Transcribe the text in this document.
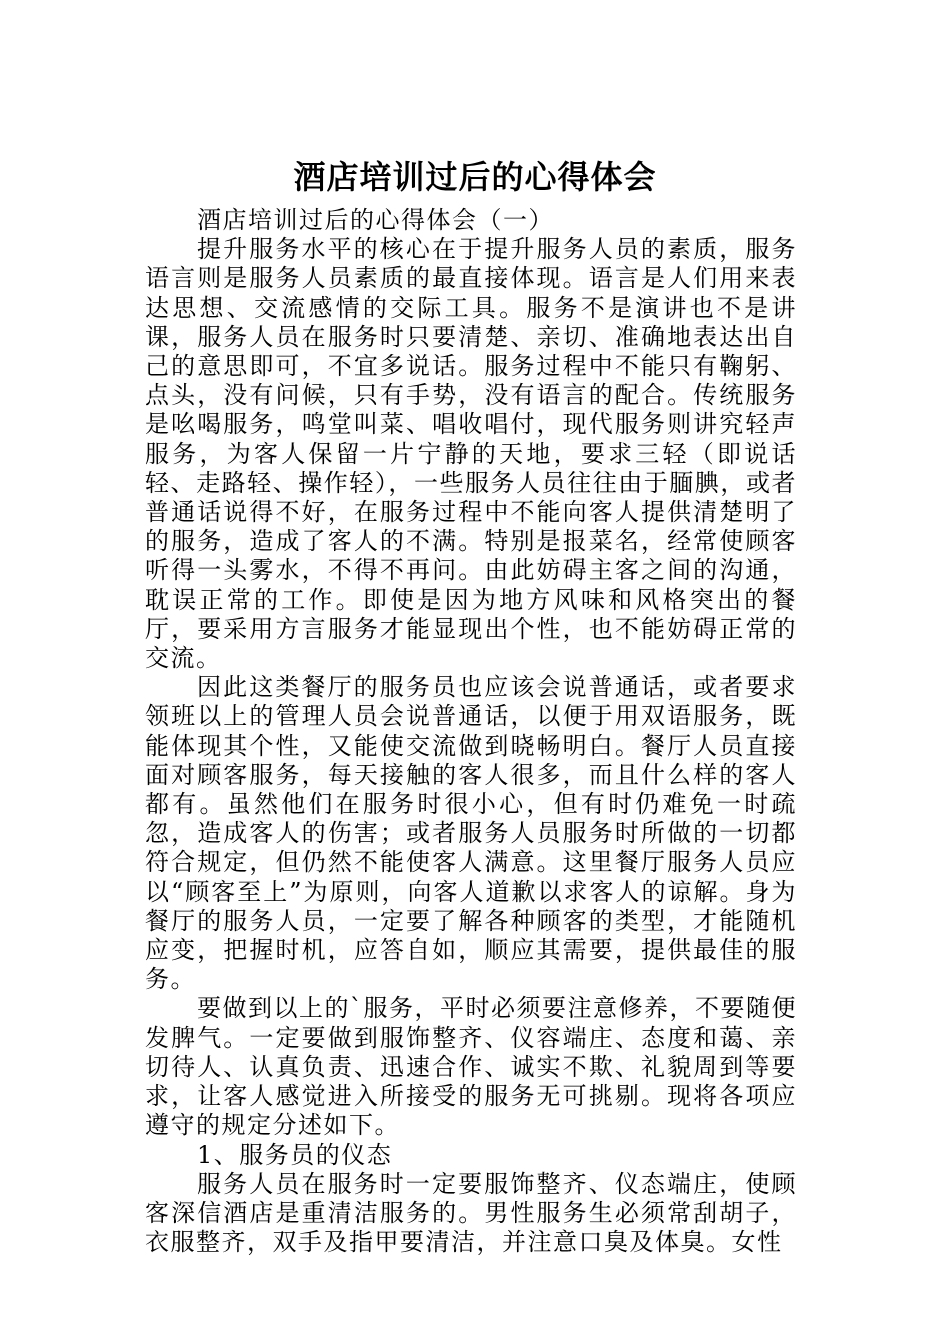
酒店培训过后的心得体会

酒店培训过后的心得体会（一）

提升服务水平的核心在于提升服务人员的素质，服务语言则是服务人员素质的最直接体现。语言是人们用来表达思想、交流感情的交际工具。服务不是演讲也不是讲课，服务人员在服务时只要清楚、亲切、准确地表达出自己的意思即可，不宜多说话。服务过程中不能只有鞠躬、点头，没有问候，只有手势，没有语言的配合。传统服务是吆喝服务，鸣堂叫菜、唱收唱付，现代服务则讲究轻声服务，为客人保留一片宁静的天地，要求三轻（即说话轻、走路轻、操作轻），一些服务人员往往由于腼腆，或者普通话说得不好，在服务过程中不能向客人提供清楚明了的服务，造成了客人的不满。特别是报菜名，经常使顾客听得一头雾水，不得不再问。由此妨碍主客之间的沟通，耽误正常的工作。即使是因为地方风味和风格突出的餐厅，要采用方言服务才能显现出个性，也不能妨碍正常的交流。

因此这类餐厅的服务员也应该会说普通话，或者要求领班以上的管理人员会说普通话，以便于用双语服务，既能体现其个性，又能使交流做到晓畅明白。餐厅人员直接面对顾客服务，每天接触的客人很多，而且什么样的客人都有。虽然他们在服务时很小心，但有时仍难免一时疏忽，造成客人的伤害；或者服务人员服务时所做的一切都符合规定，但仍然不能使客人满意。这里餐厅服务人员应以“顾客至上”为原则，向客人道歉以求客人的谅解。身为餐厅的服务人员，一定要了解各种顾客的类型，才能随机应变，把握时机，应答自如，顺应其需要，提供最佳的服务。

要做到以上的`服务，平时必须要注意修养，不要随便发脾气。一定要做到服饰整齐、仪容端庄、态度和蔼、亲切待人、认真负责、迅速合作、诚实不欺、礼貌周到等要求，让客人感觉进入所接受的服务无可挑剔。现将各项应遵守的规定分述如下。

1、服务员的仪态

服务人员在服务时一定要服饰整齐、仪态端庄，使顾客深信酒店是重清洁服务的。男性服务生必须常刮胡子，衣服整齐，双手及指甲要清洁，并注意口臭及体臭。女性
